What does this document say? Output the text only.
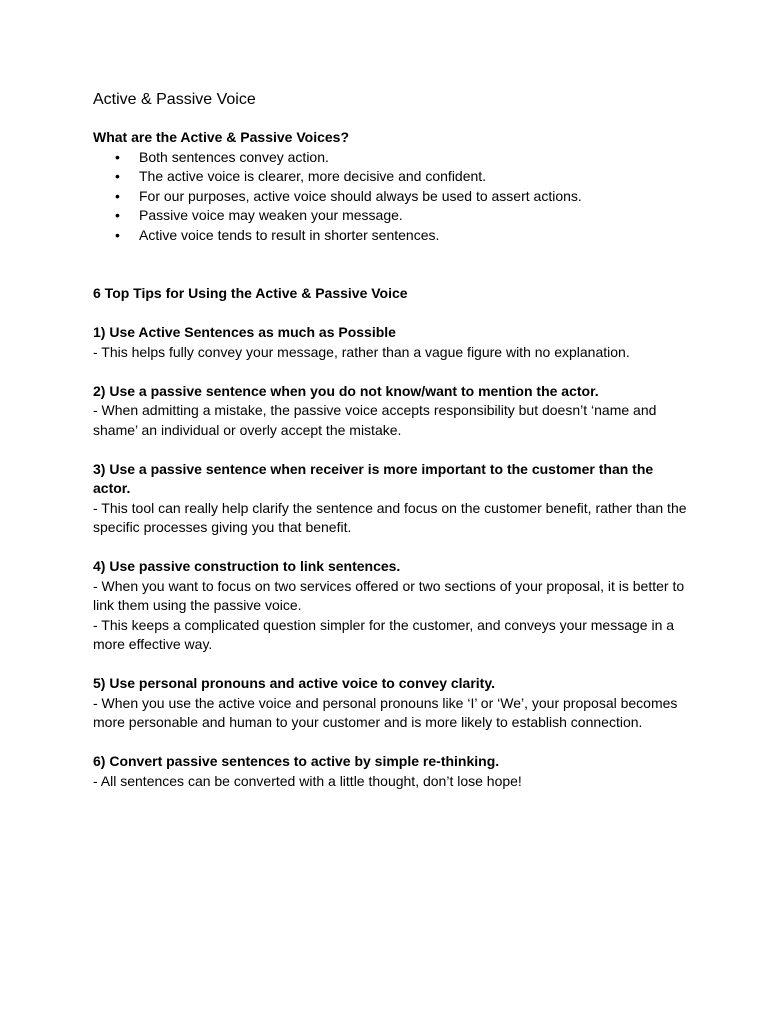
Active & Passive Voice
What are the Active & Passive Voices?
• Both sentences convey action.
• The active voice is clearer, more decisive and confident.
• For our purposes, active voice should always be used to assert actions.
• Passive voice may weaken your message.
• Active voice tends to result in shorter sentences.
6 Top Tips for Using the Active & Passive Voice
1) Use Active Sentences as much as Possible
- This helps fully convey your message, rather than a vague figure with no explanation.
2) Use a passive sentence when you do not know/want to mention the actor.
- When admitting a mistake, the passive voice accepts responsibility but doesn’t ‘name and shame’ an individual or overly accept the mistake.
3) Use a passive sentence when receiver is more important to the customer than the actor.
- This tool can really help clarify the sentence and focus on the customer benefit, rather than the specific processes giving you that benefit.
4) Use passive construction to link sentences.
- When you want to focus on two services offered or two sections of your proposal, it is better to link them using the passive voice.
- This keeps a complicated question simpler for the customer, and conveys your message in a more effective way.
5) Use personal pronouns and active voice to convey clarity.
- When you use the active voice and personal pronouns like ‘I’ or ‘We’, your proposal becomes more personable and human to your customer and is more likely to establish connection.
6) Convert passive sentences to active by simple re-thinking.
- All sentences can be converted with a little thought, don’t lose hope!
